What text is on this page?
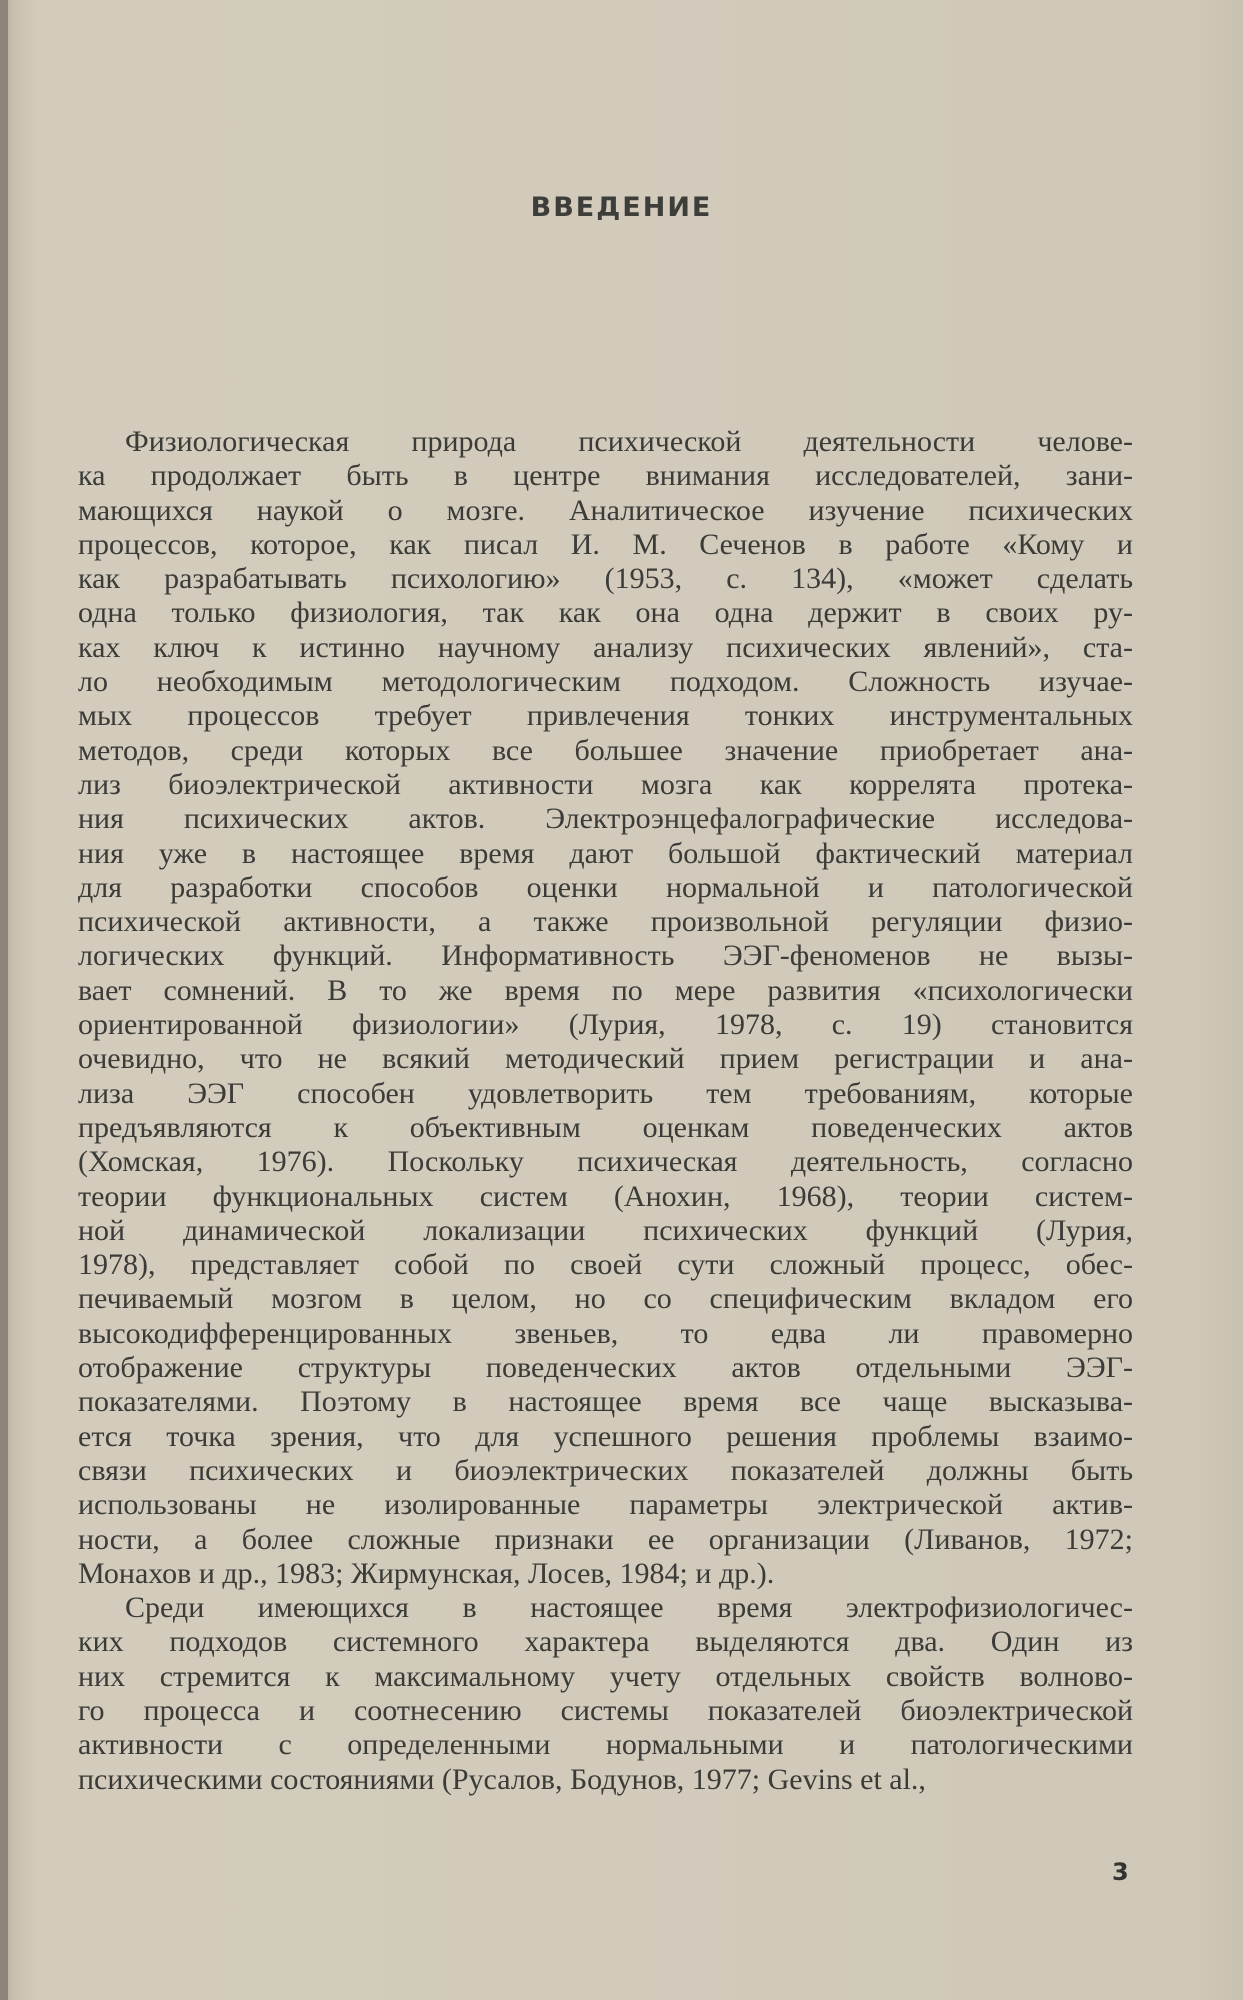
ВВЕДЕНИЕ
Физиологическая природа психической деятельности челове-
ка продолжает быть в центре внимания исследователей, зани-
мающихся наукой о мозге. Аналитическое изучение психических
процессов, которое, как писал И. М. Сеченов в работе «Кому и
как разрабатывать психологию» (1953, с. 134), «может сделать
одна только физиология, так как она одна держит в своих ру-
ках ключ к истинно научному анализу психических явлений», ста-
ло необходимым методологическим подходом. Сложность изучае-
мых процессов требует привлечения тонких инструментальных
методов, среди которых все большее значение приобретает ана-
лиз биоэлектрической активности мозга как коррелята протека-
ния психических актов. Электроэнцефалографические исследова-
ния уже в настоящее время дают большой фактический материал
для разработки способов оценки нормальной и патологической
психической активности, а также произвольной регуляции физио-
логических функций. Информативность ЭЭГ-феноменов не вызы-
вает сомнений. В то же время по мере развития «психологически
ориентированной физиологии» (Лурия, 1978, с. 19) становится
очевидно, что не всякий методический прием регистрации и ана-
лиза ЭЭГ способен удовлетворить тем требованиям, которые
предъявляются к объективным оценкам поведенческих актов
(Хомская, 1976). Поскольку психическая деятельность, согласно
теории функциональных систем (Анохин, 1968), теории систем-
ной динамической локализации психических функций (Лурия,
1978), представляет собой по своей сути сложный процесс, обес-
печиваемый мозгом в целом, но со специфическим вкладом его
высокодифференцированных звеньев, то едва ли правомерно
отображение структуры поведенческих актов отдельными ЭЭГ-
показателями. Поэтому в настоящее время все чаще высказыва-
ется точка зрения, что для успешного решения проблемы взаимо-
связи психических и биоэлектрических показателей должны быть
использованы не изолированные параметры электрической актив-
ности, а более сложные признаки ее организации (Ливанов, 1972;
Монахов и др., 1983; Жирмунская, Лосев, 1984; и др.).
Среди имеющихся в настоящее время электрофизиологичес-
ких подходов системного характера выделяются два. Один из
них стремится к максимальному учету отдельных свойств волново-
го процесса и соотнесению системы показателей биоэлектрической
активности с определенными нормальными и патологическими
психическими состояниями (Русалов, Бодунов, 1977; Gevins et al.,
3
